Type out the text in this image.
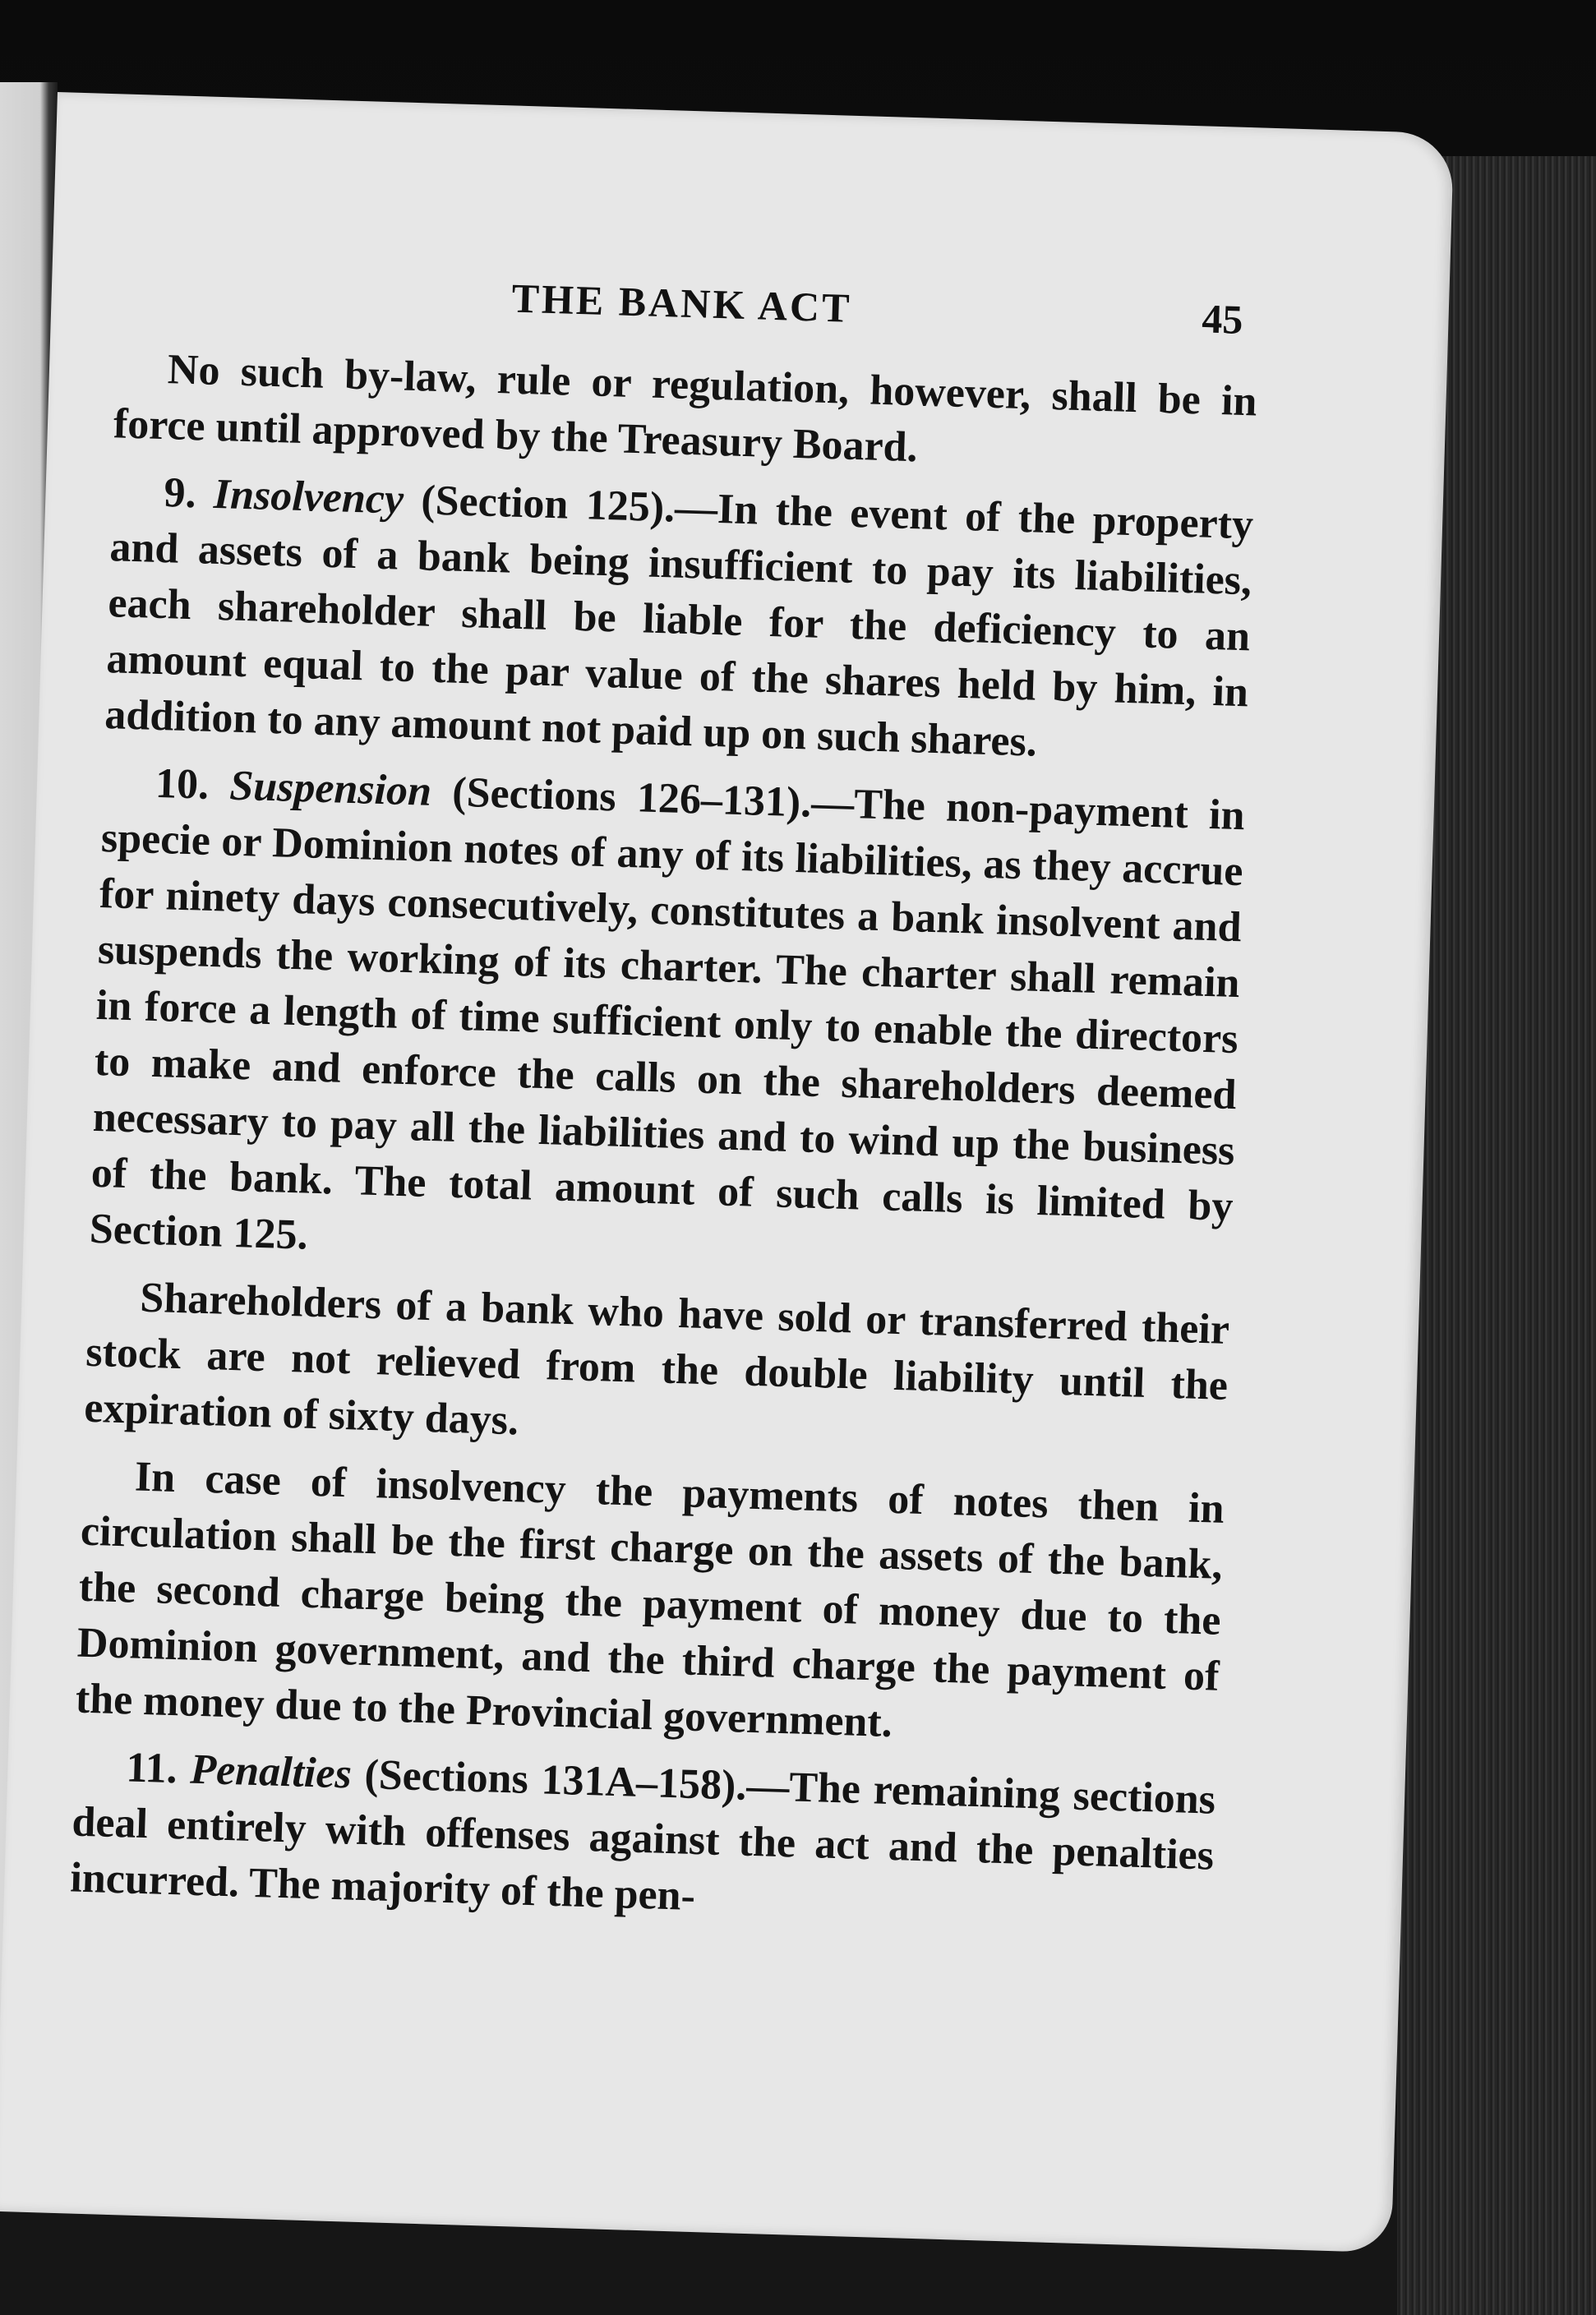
THE BANK ACT	45

No such by-law, rule or regulation, however, shall be in force until approved by the Treasury Board.

9. Insolvency (Section 125).—In the event of the property and assets of a bank being insufficient to pay its liabilities, each shareholder shall be liable for the deficiency to an amount equal to the par value of the shares held by him, in addition to any amount not paid up on such shares.

10. Suspension (Sections 126–131).—The non-payment in specie or Dominion notes of any of its liabilities, as they accrue for ninety days consecutively, constitutes a bank insolvent and suspends the working of its charter. The charter shall remain in force a length of time sufficient only to enable the directors to make and enforce the calls on the shareholders deemed necessary to pay all the liabilities and to wind up the business of the bank. The total amount of such calls is limited by Section 125.

Shareholders of a bank who have sold or transferred their stock are not relieved from the double liability until the expiration of sixty days.

In case of insolvency the payments of notes then in circulation shall be the first charge on the assets of the bank, the second charge being the payment of money due to the Dominion government, and the third charge the payment of the money due to the Provincial government.

11. Penalties (Sections 131A–158).—The remaining sections deal entirely with offenses against the act and the penalties incurred. The majority of the pen-
